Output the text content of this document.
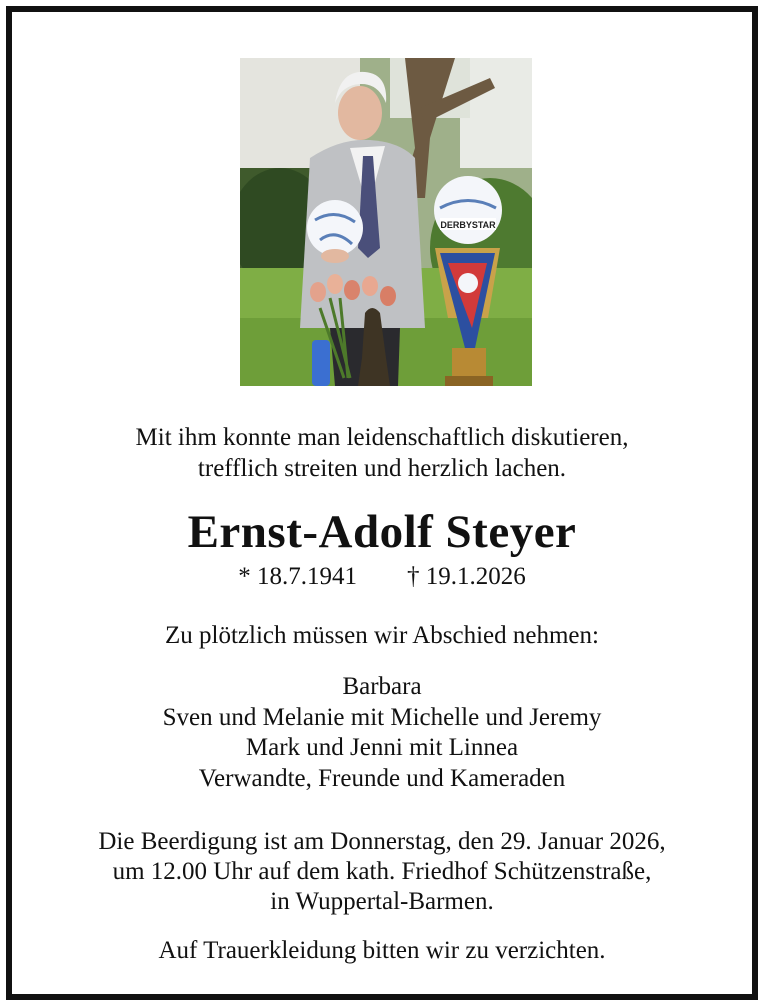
DERBYSTAR
Mit ihm konnte man leidenschaftlich diskutieren,
trefflich streiten und herzlich lachen.
Ernst-Adolf Steyer
* 18.7.1941 † 19.1.2026
Zu plötzlich müssen wir Abschied nehmen:
Barbara
Sven und Melanie mit Michelle und Jeremy
Mark und Jenni mit Linnea
Verwandte, Freunde und Kameraden
Die Beerdigung ist am Donnerstag, den 29. Januar 2026,
um 12.00 Uhr auf dem kath. Friedhof Schützenstraße,
in Wuppertal-Barmen.
Auf Trauerkleidung bitten wir zu verzichten.
